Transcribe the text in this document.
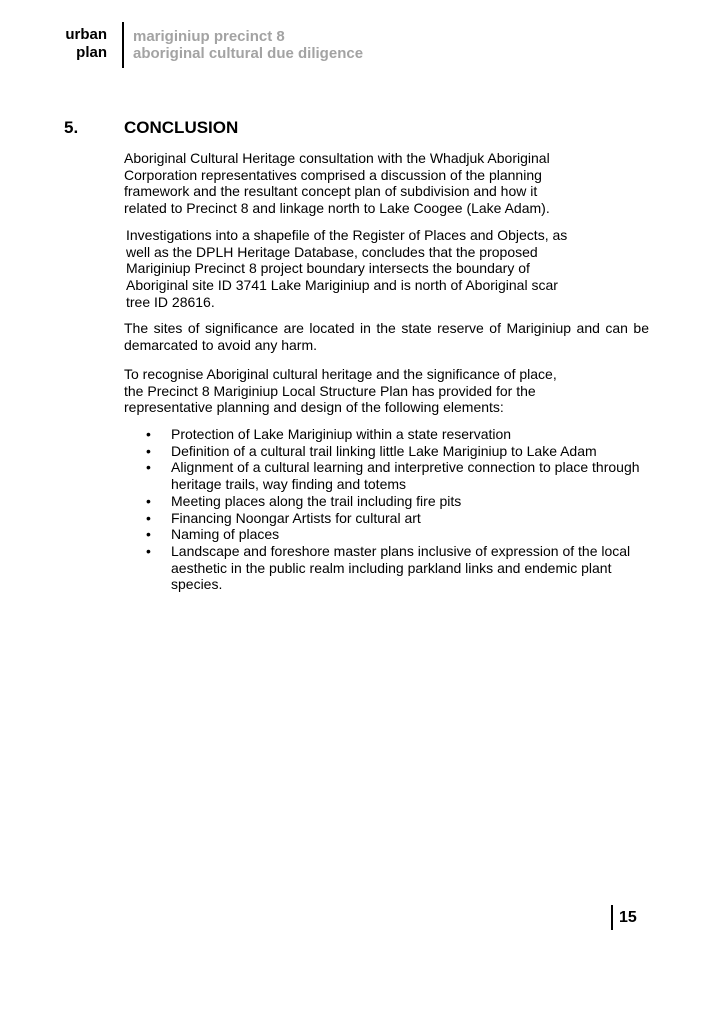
urban
plan
mariginiup precinct 8
aboriginal cultural due diligence
5.	CONCLUSION

Aboriginal Cultural Heritage consultation with the Whadjuk Aboriginal Corporation representatives comprised a discussion of the planning framework and the resultant concept plan of subdivision and how it related to Precinct 8 and linkage north to Lake Coogee (Lake Adam).

Investigations into a shapefile of the Register of Places and Objects, as well as the DPLH Heritage Database, concludes that the proposed Mariginiup Precinct 8 project boundary intersects the boundary of Aboriginal site ID 3741 Lake Mariginiup and is north of Aboriginal scar tree ID 28616.

The sites of significance are located in the state reserve of Mariginiup and can be demarcated to avoid any harm.

To recognise Aboriginal cultural heritage and the significance of place, the Precinct 8 Mariginiup Local Structure Plan has provided for the representative planning and design of the following elements:

•	Protection of Lake Mariginiup within a state reservation
•	Definition of a cultural trail linking little Lake Mariginiup to Lake Adam
•	Alignment of a cultural learning and interpretive connection to place through heritage trails, way finding and totems
•	Meeting places along the trail including fire pits
•	Financing Noongar Artists for cultural art
•	Naming of places
•	Landscape and foreshore master plans inclusive of expression of the local aesthetic in the public realm including parkland links and endemic plant species.
15
